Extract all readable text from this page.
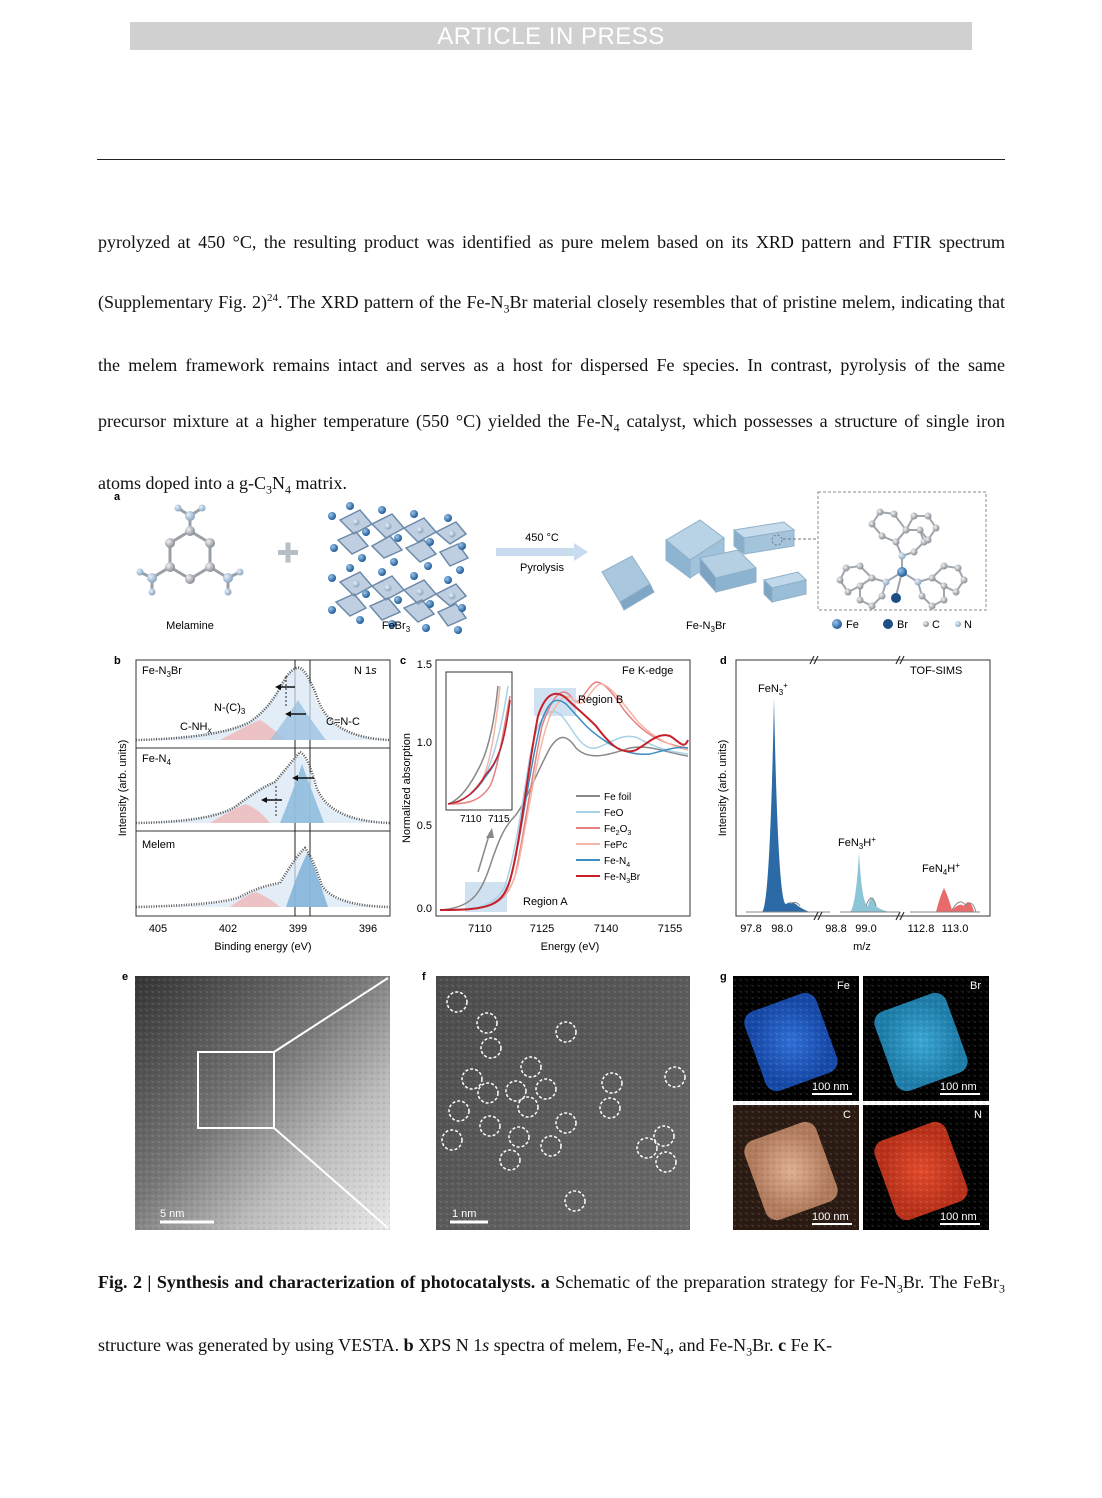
ARTICLE IN PRESS

pyrolyzed at 450 °C, the resulting product was identified as pure melem based on its XRD pattern and FTIR spectrum (Supplementary Fig. 2)$^{24}$. The XRD pattern of the $Fe-N_3Br$ material closely resembles that of pristine melem, indicating that the melem framework remains intact and serves as a host for dispersed Fe species. In contrast, pyrolysis of the same precursor mixture at a higher temperature (550 °C) yielded the $Fe-N_4$ catalyst, which possesses a structure of single iron atoms doped into a $g-C_3N_4$ matrix.

a
Melamine	FeBr$_3$
450 °C
Pyrolysis
$Fe-N_3Br$	Fe	Br C N
b
$Fe-N_3Br$
$Fe-N_4$
Melem
N 1s
$N-(C)_3$
$C-NH_x$
C=N-C
405	402	399	396
Binding energy (eV)
Intensity (arb. units)
c 1.5
1.0
0.5
0.0
7110 7115
Fe K-edge
Region B
Region A
Fe foil
FeO
$Fe_2O_3$
FePc
$Fe-N_4$
$Fe-N_3Br$
7110	7125	7140	7155
Energy (eV)
Normalized absorption
d
TOF-SIMS
FeN$_3$+
FeN$_3$H+
FeN$_4$H+
97.8 98.0	98.8 99.0	112.8 113.0
m/z
Intensity (arb. units)
e
5 nm
f
1 nm
g
Fe	Br
C	N
100 nm	100 nm
100 nm	100 nm

Fig. 2 | Synthesis and characterization of photocatalysts. a Schematic of the preparation strategy for $Fe-N_3Br$. The FeBr$_3$ structure was generated by using VESTA. b XPS N 1s spectra of melem, $Fe-N_4$, and $Fe-N_3Br$. c Fe K-
